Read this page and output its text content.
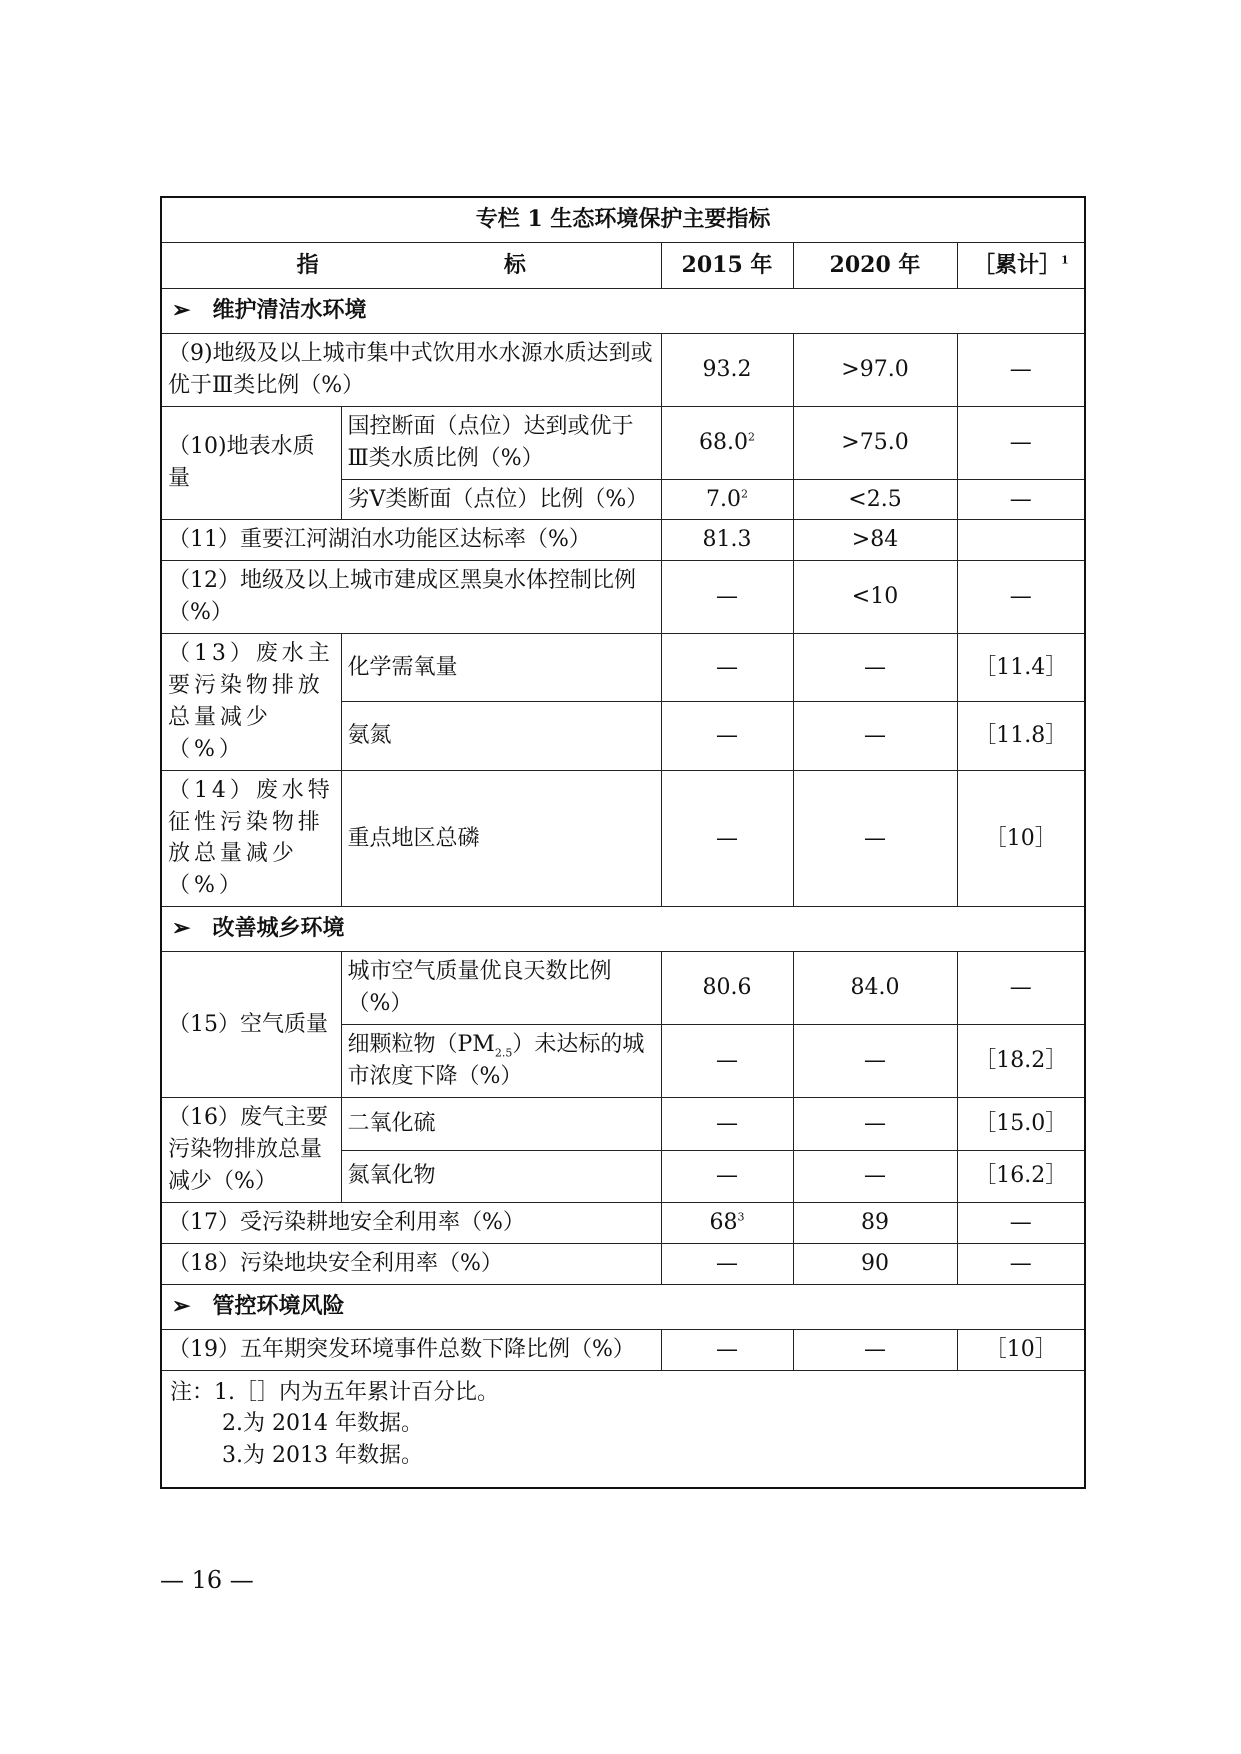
专栏 1 生态环境保护主要指标				
指 标		2015 年	2020 年	［累计］$^1$
➢ 维护清洁水环境				
（9)地级及以上城市集中式饮用水水源水质达到或优于Ⅲ类比例（%）		93.2	>97.0	—
（10)地表水质量	国控断面（点位）达到或优于Ⅲ类水质比例（%）	$68.0^2$	>75.0	—
	劣Ⅴ类断面（点位）比例（%）	$7.0^2$	<2.5	—
（11）重要江河湖泊水功能区达标率（%）		81.3	>84	
（12）地级及以上城市建成区黑臭水体控制比例（%）		—	<10	—
（13）废水主要污染物排放总量减少（%）	化学需氧量	—	—	［11.4］
	氨氮	—	—	［11.8］
（14）废水特征性污染物排放总量减少（%）	重点地区总磷	—	—	［10］
➢ 改善城乡环境				
（15）空气质量	城市空气质量优良天数比例（%）	80.6	84.0	—
	细颗粒物$(PM_{2.5})$未达标的城市浓度下降（%）	—	—	［18.2］
（16）废气主要污染物排放总量减少（%）	二氧化硫	—	—	［15.0］
	氮氧化物	—	—	［16.2］
（17）受污染耕地安全利用率（%）		$68^3$	89	—
（18）污染地块安全利用率（%）		—	90	—
➢ 管控环境风险				
（19）五年期突发环境事件总数下降比例（%）		—	—	［10］

注：1.［］内为五年累计百分比。
2.为 2014 年数据。
3.为 2013 年数据。				
— 16 —
